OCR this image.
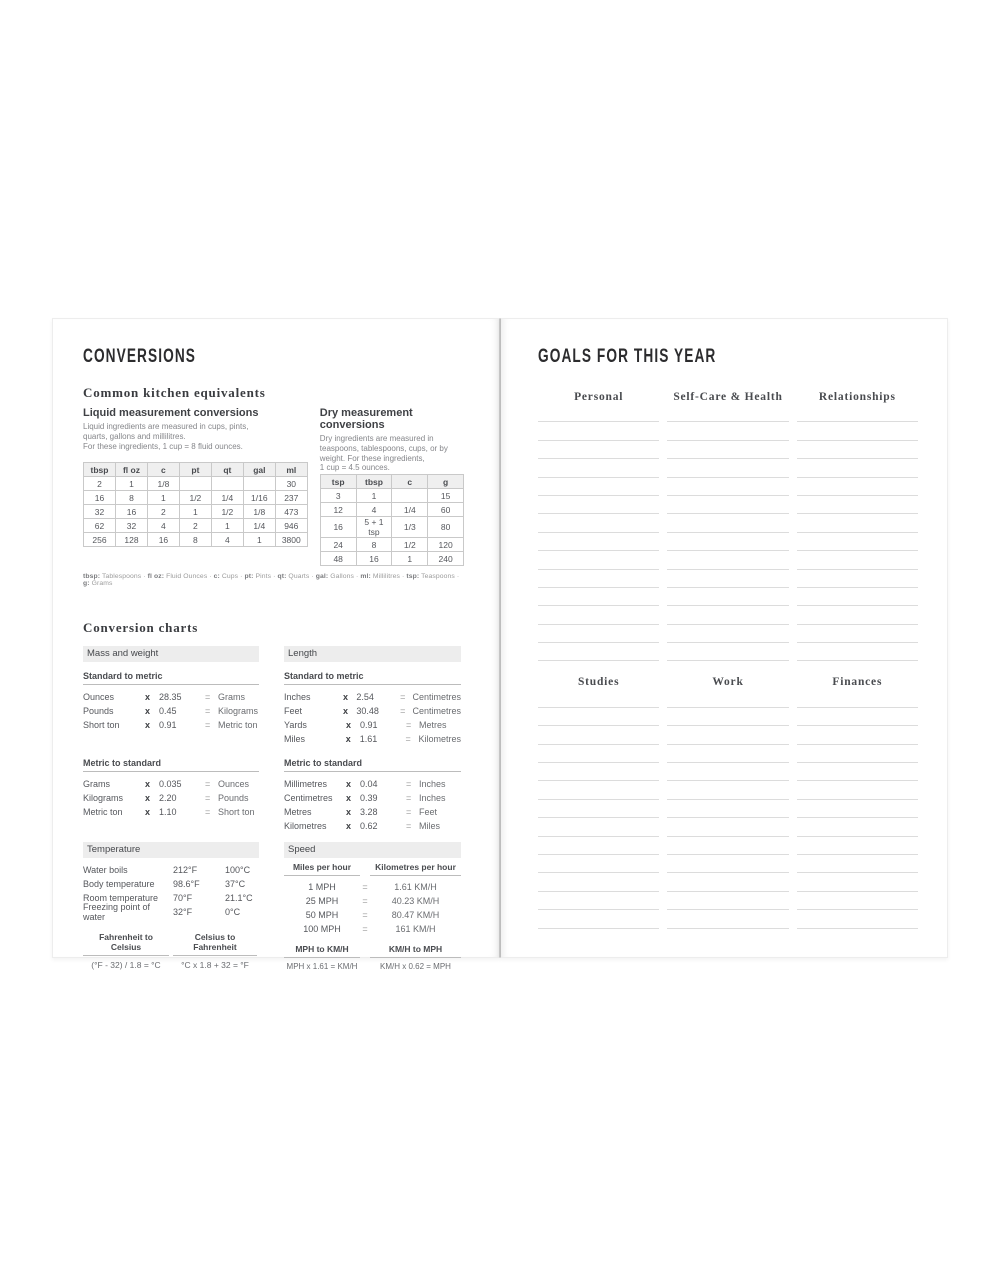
CONVERSIONS
Common kitchen equivalents
Liquid measurement conversions
Liquid ingredients are measured in cups, pints,
quarts, gallons and millilitres.
For these ingredients, 1 cup = 8 fluid ounces.
tbsp	fl oz	c	pt	qt	gal	ml
2	1	1/8				30
16	8	1	1/2	1/4	1/16	237
32	16	2	1	1/2	1/8	473
62	32	4	2	1	1/4	946
256	128	16	8	4	1	3800
Dry measurement conversions
Dry ingredients are measured in
teaspoons, tablespoons, cups, or by
weight. For these ingredients,
1 cup = 4.5 ounces.
tsp	tbsp	c	g
3	1		15
12	4	1/4	60
16	5 + 1 tsp	1/3	80
24	8	1/2	120
48	16	1	240
tbsp: Tablespoons · fl oz: Fluid Ounces · c: Cups · pt: Pints · qt: Quarts · gal: Gallons · ml: Millilitres · tsp: Teaspoons · g: Grams
Conversion charts
Mass and weight
Standard to metric
Ounces	x 28.35	= Grams
Pounds	x 0.45	= Kilograms
Short ton	x 0.91	= Metric ton
Metric to standard
Grams	x 0.035	= Ounces
Kilograms	x 2.20	= Pounds
Metric ton	x 1.10	= Short ton
Length
Standard to metric
Inches	x 2.54	= Centimetres
Feet	x 30.48	= Centimetres
Yards	x 0.91	= Metres
Miles	x 1.61	= Kilometres
Metric to standard
Millimetres	x 0.04	= Inches
Centimetres	x 0.39	= Inches
Metres	x 3.28	= Feet
Kilometres	x 0.62	= Miles
Temperature
Water boils	212°F	100°C
Body temperature	98.6°F	37°C
Room temperature	70°F	21.1°C
Freezing point of water	32°F	0°C
Fahrenheit to Celsius
(°F - 32) / 1.8 = °C
Celsius to Fahrenheit
°C x 1.8 + 32 = °F
Speed
Miles per hour	Kilometres per hour
1 MPH	=	1.61 KM/H
25 MPH	=	40.23 KM/H
50 MPH	=	80.47 KM/H
100 MPH	=	161 KM/H
MPH to KM/H
MPH x 1.61 = KM/H
KM/H to MPH
KM/H x 0.62 = MPH
GOALS FOR THIS YEAR
Personal	Self-Care & Health	Relationships
Studies	Work	Finances
